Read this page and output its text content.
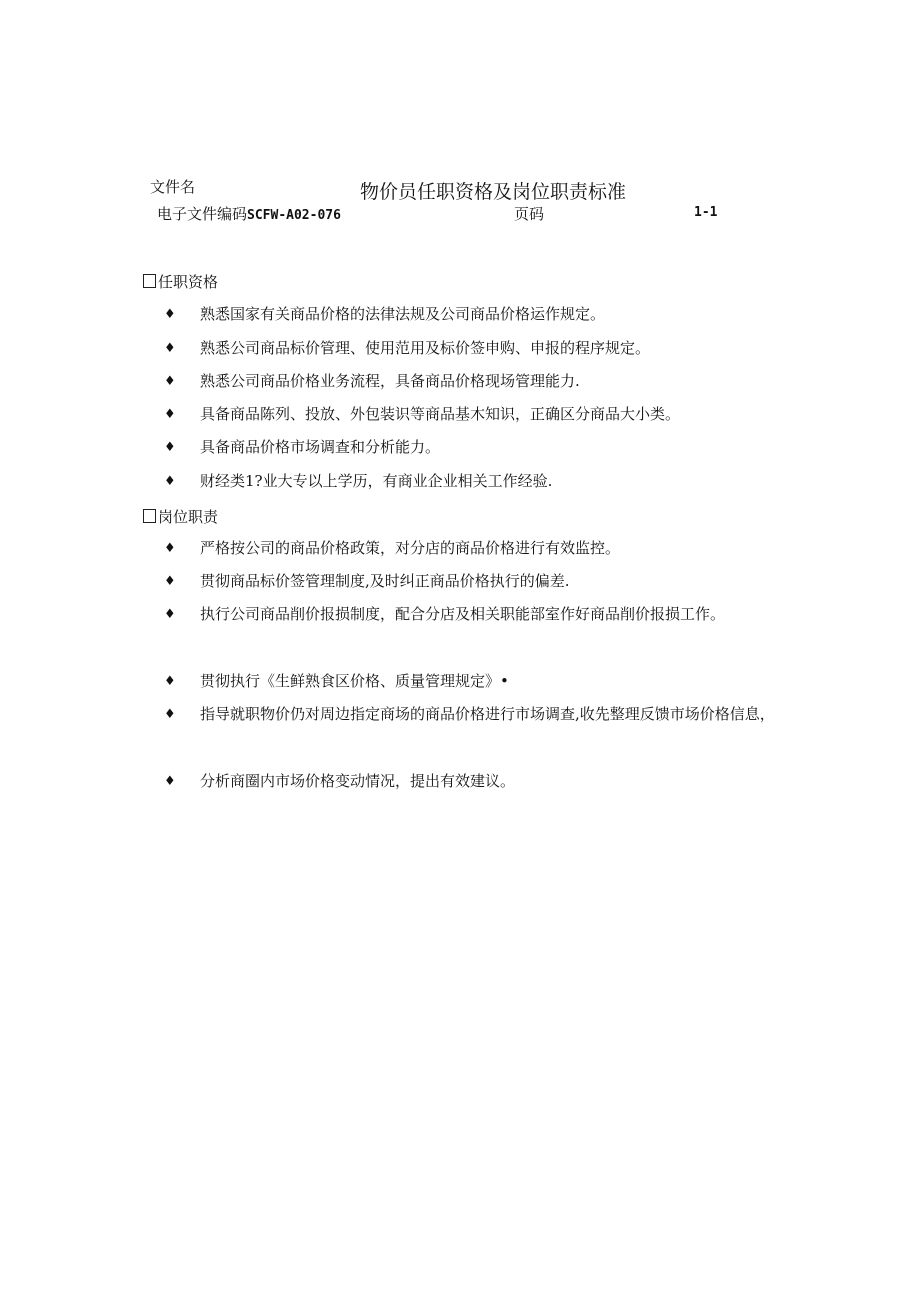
文件名	物价员任职资格及岗位职责标准
电子文件编码SCFW-A02-076	页码	1-1
任职资格
♦ 熟悉国家有关商品价格的法律法规及公司商品价格运作规定。
♦ 熟悉公司商品标价管理、使用范用及标价签申购、申报的程序规定。
♦ 熟悉公司商品价格业务流程，具备商品价格现场管理能力.
♦ 具备商品陈列、投放、外包装识等商品基木知识，正确区分商品大小类。
♦ 具备商品价格市场调查和分析能力。
♦ 财经类1?业大专以上学历，有商业企业相关工作经验.
岗位职责
♦ 严格按公司的商品价格政策，对分店的商品价格进行有效监控。
♦ 贯彻商品标价签管理制度,及时纠正商品价格执行的偏差.
♦ 执行公司商品削价报损制度，配合分店及相关职能部室作好商品削价报损工作。
♦ 贯彻执行《生鲜熟食区价格、质量管理规定》•
♦ 指导就职物价仍对周边指定商场的商品价格进行市场调查,收先整理反馈市场价格信息，
♦ 分析商圈内市场价格变动情况，提出有效建议。
